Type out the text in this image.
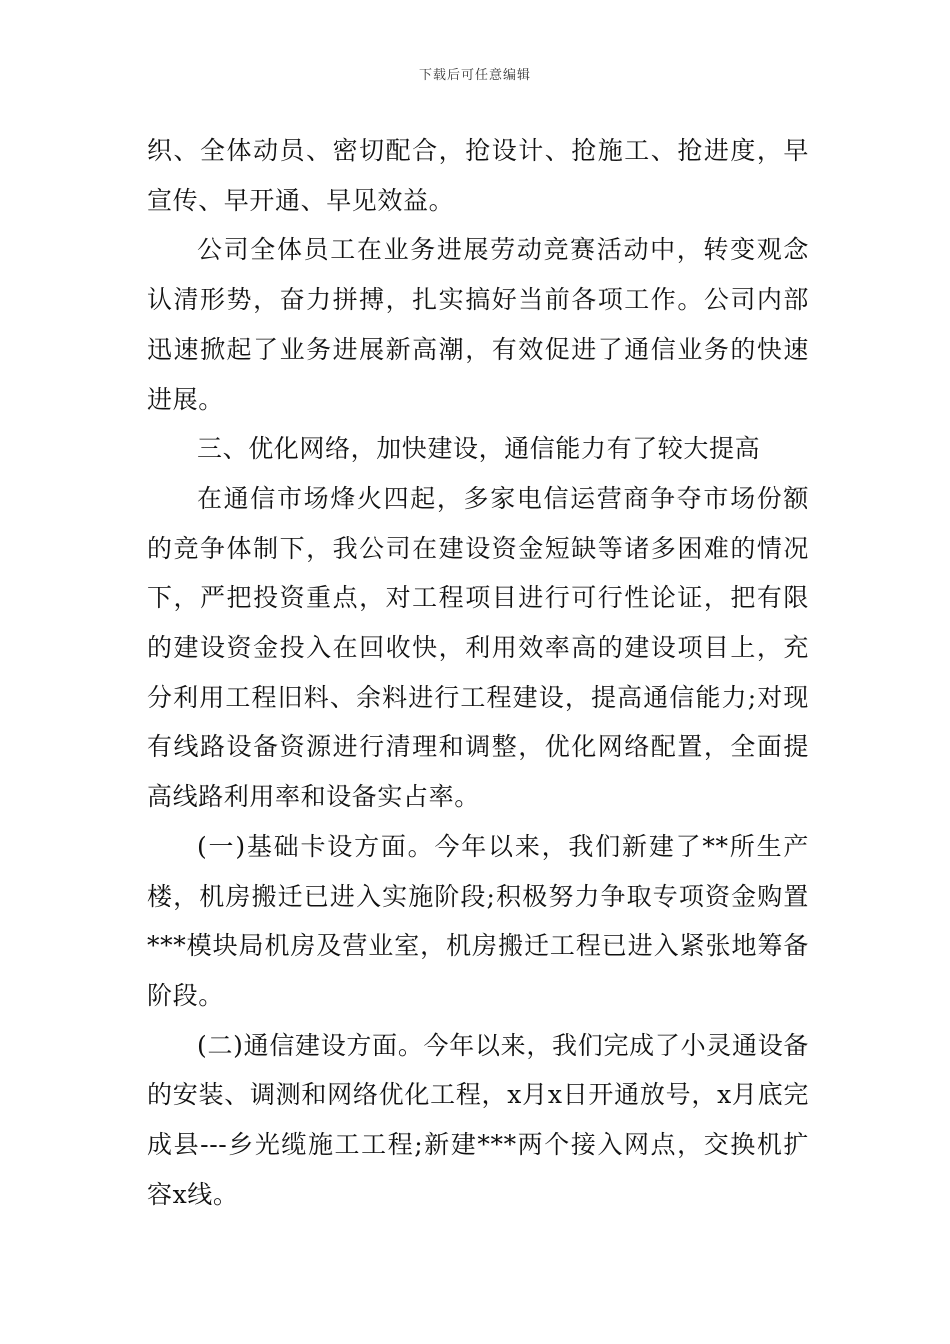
下载后可任意编辑

织、全体动员、密切配合，抢设计、抢施工、抢进度，早宣传、早开通、早见效益。

公司全体员工在业务进展劳动竞赛活动中，转变观念认清形势，奋力拼搏，扎实搞好当前各项工作。公司内部迅速掀起了业务进展新高潮，有效促进了通信业务的快速进展。

三、优化网络，加快建设，通信能力有了较大提高

在通信市场烽火四起，多家电信运营商争夺市场份额的竞争体制下，我公司在建设资金短缺等诸多困难的情况下，严把投资重点，对工程项目进行可行性论证，把有限的建设资金投入在回收快，利用效率高的建设项目上，充分利用工程旧料、余料进行工程建设，提高通信能力;对现有线路设备资源进行清理和调整，优化网络配置，全面提高线路利用率和设备实占率。

(一)基础卡设方面。今年以来，我们新建了**所生产楼，机房搬迁已进入实施阶段;积极努力争取专项资金购置***模块局机房及营业室，机房搬迁工程已进入紧张地筹备阶段。

(二)通信建设方面。今年以来，我们完成了小灵通设备的安装、调测和网络优化工程，x月x日开通放号，x月底完成县---乡光缆施工工程;新建***两个接入网点，交换机扩容x线。
